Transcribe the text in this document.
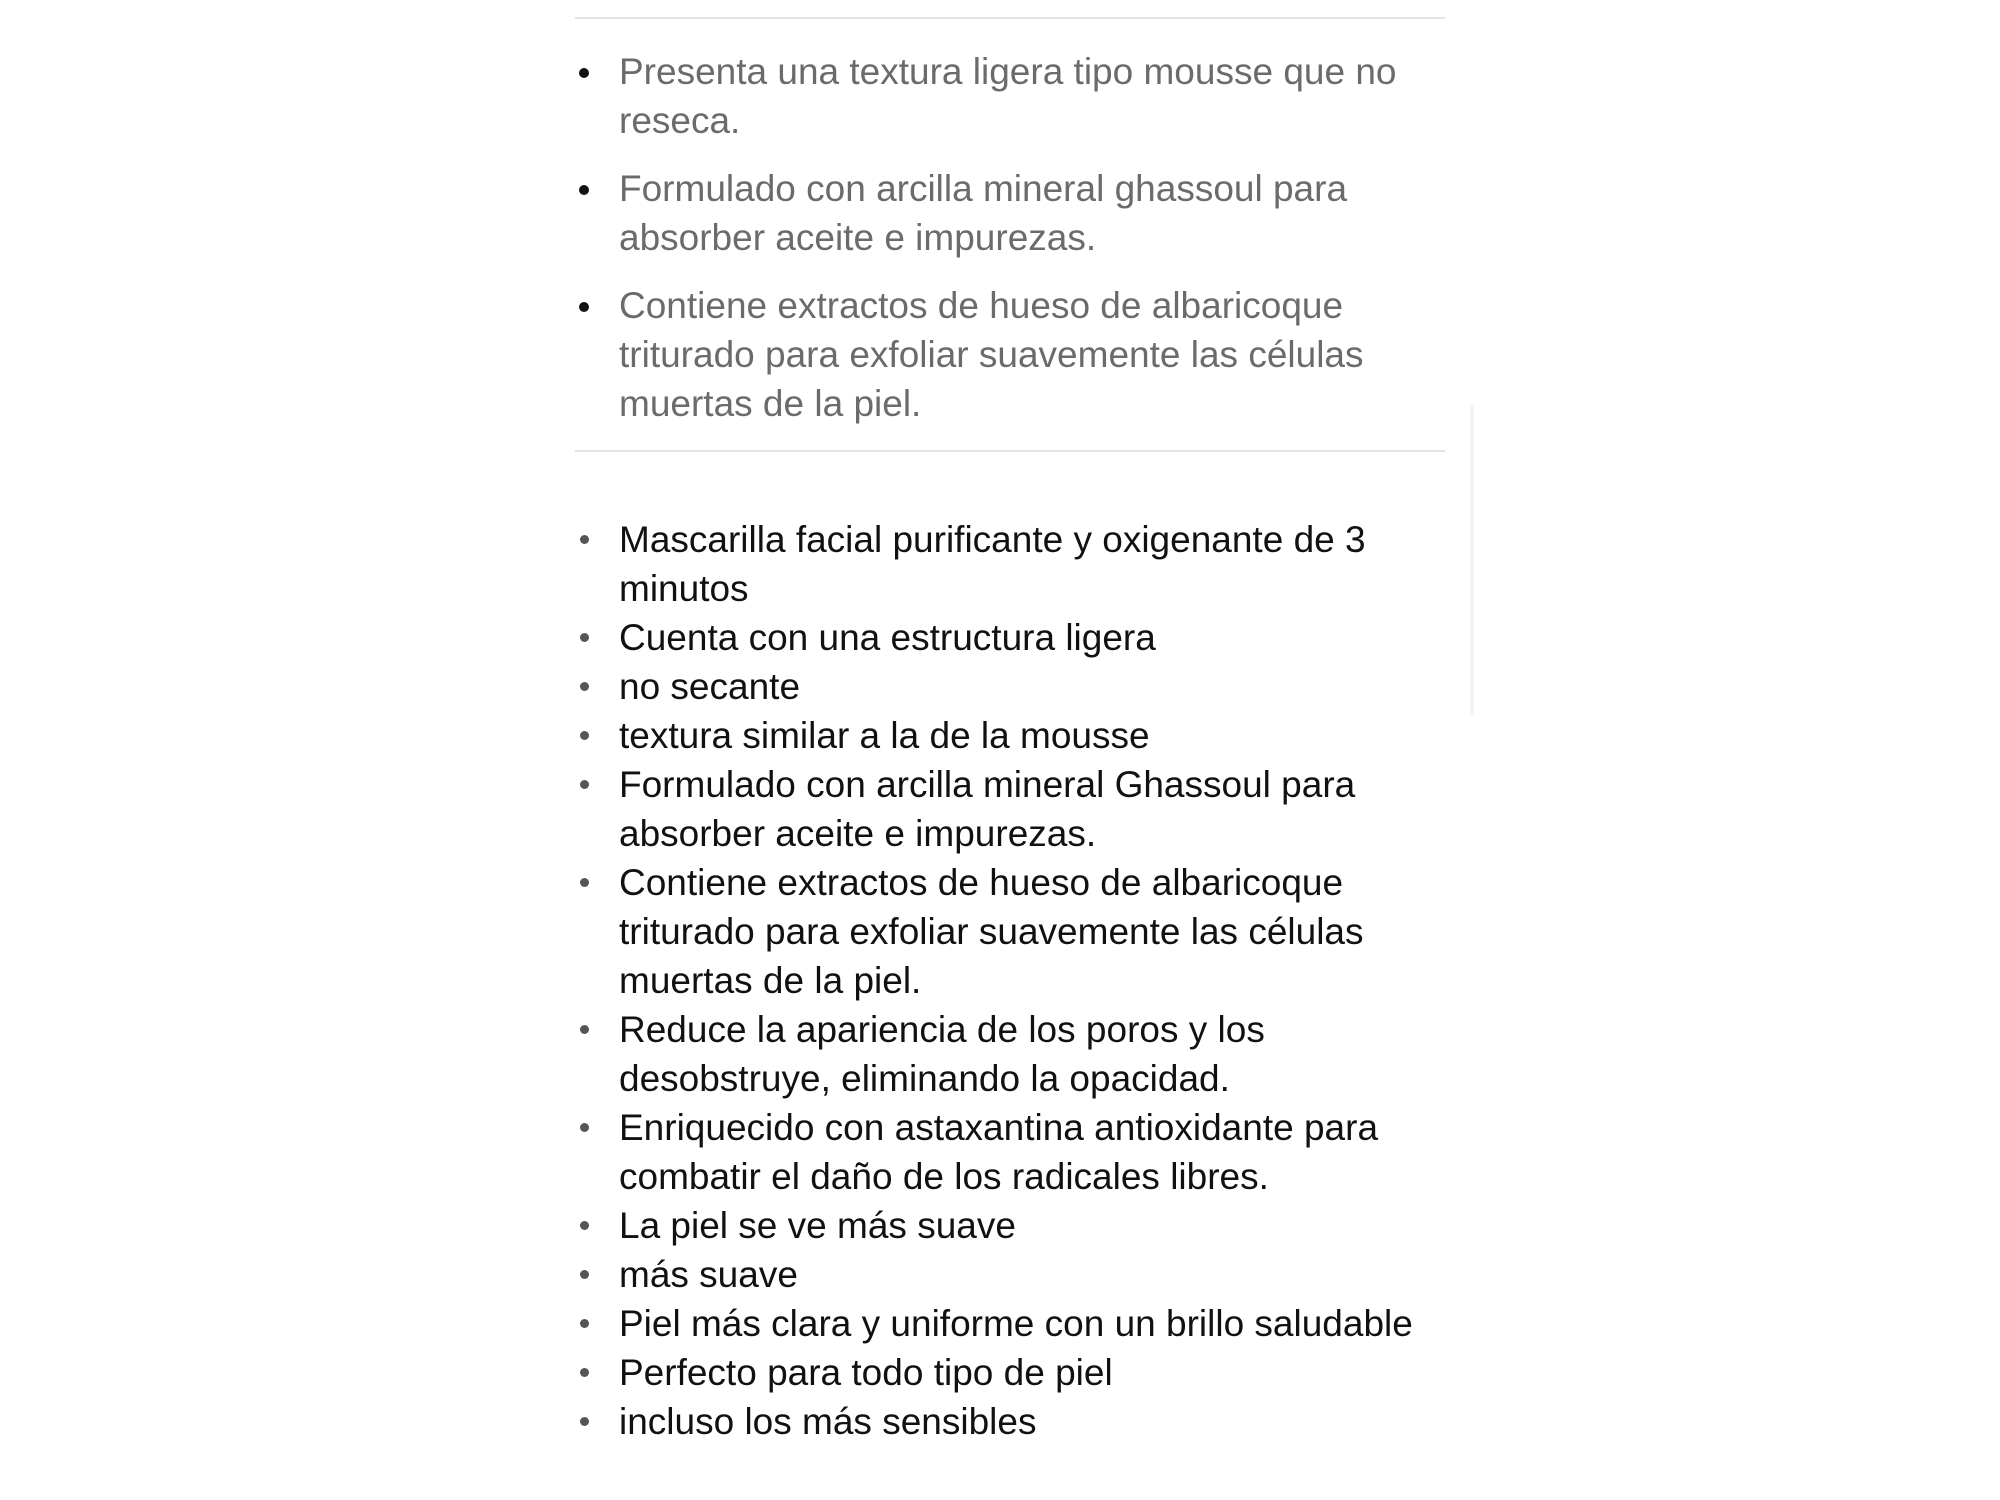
Presenta una textura ligera tipo mousse que no reseca.
Formulado con arcilla mineral ghassoul para absorber aceite e impurezas.
Contiene extractos de hueso de albaricoque triturado para exfoliar suavemente las células muertas de la piel.
Mascarilla facial purificante y oxigenante de 3 minutos
Cuenta con una estructura ligera
no secante
textura similar a la de la mousse
Formulado con arcilla mineral Ghassoul para absorber aceite e impurezas.
Contiene extractos de hueso de albaricoque triturado para exfoliar suavemente las células muertas de la piel.
Reduce la apariencia de los poros y los desobstruye, eliminando la opacidad.
Enriquecido con astaxantina antioxidante para combatir el daño de los radicales libres.
La piel se ve más suave
más suave
Piel más clara y uniforme con un brillo saludable
Perfecto para todo tipo de piel
incluso los más sensibles
